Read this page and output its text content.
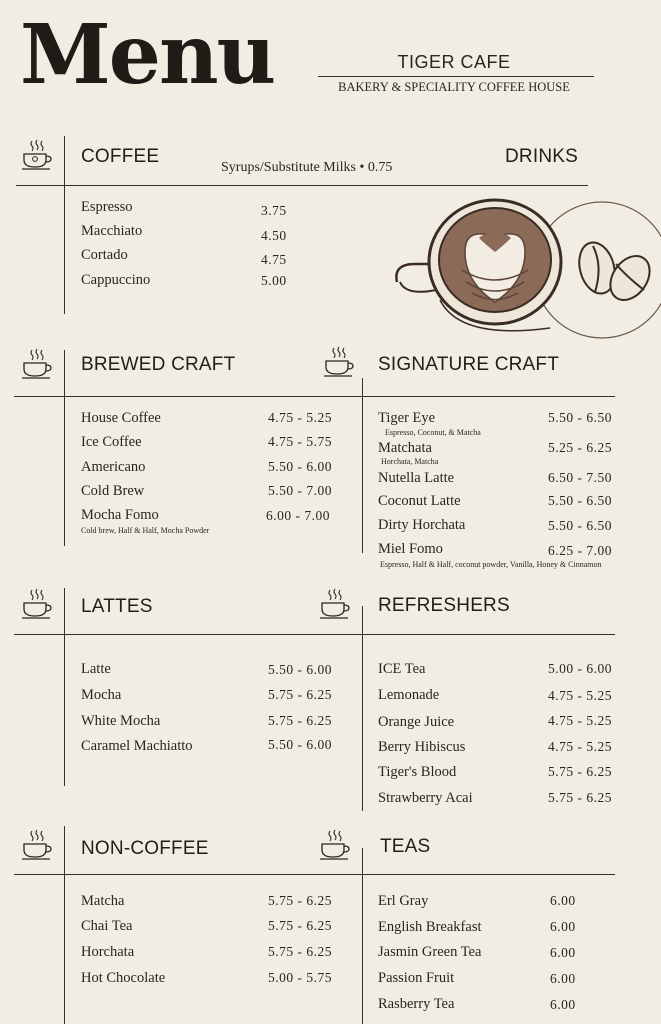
Menu	TIGER CAFE
BAKERY & SPECIALITY COFFEE HOUSE
COFFEE
Syrups/Substitute Milks • 0.75
DRINKS
Espresso	3.75
Macchiato	4.50
Cortado	4.75
Cappuccino	5.00
BREWED CRAFT
House Coffee	4.75 - 5.25
Ice Coffee	4.75 - 5.75
Americano	5.50 - 6.00
Cold Brew	5.50 - 7.00
Mocha Fomo	6.00 - 7.00
Cold brew, Half & Half, Mocha Powder
SIGNATURE CRAFT
Tiger Eye	5.50 - 6.50
Espresso, Coconut, & Matcha
Matchata	5.25 - 6.25
Horchata, Matcha
Nutella Latte	6.50 - 7.50
Coconut Latte	5.50 - 6.50
Dirty Horchata	5.50 - 6.50
Miel Fomo	6.25 - 7.00
Espresso, Half & Half, coconut powder, Vanilla, Honey & Cinnamon
LATTES
Latte	5.50 - 6.00
Mocha	5.75 - 6.25
White Mocha	5.75 - 6.25
Caramel Machiatto	5.50 - 6.00
REFRESHERS
ICE Tea	5.00 - 6.00
Lemonade	4.75 - 5.25
Orange Juice	4.75 - 5.25
Berry Hibiscus	4.75 - 5.25
Tiger's Blood	5.75 - 6.25
Strawberry Acai	5.75 - 6.25
NON-COFFEE
Matcha	5.75 - 6.25
Chai Tea	5.75 - 6.25
Horchata	5.75 - 6.25
Hot Chocolate	5.00 - 5.75
TEAS
Erl Gray	6.00
English Breakfast	6.00
Jasmin Green Tea	6.00
Passion Fruit	6.00
Rasberry Tea	6.00
